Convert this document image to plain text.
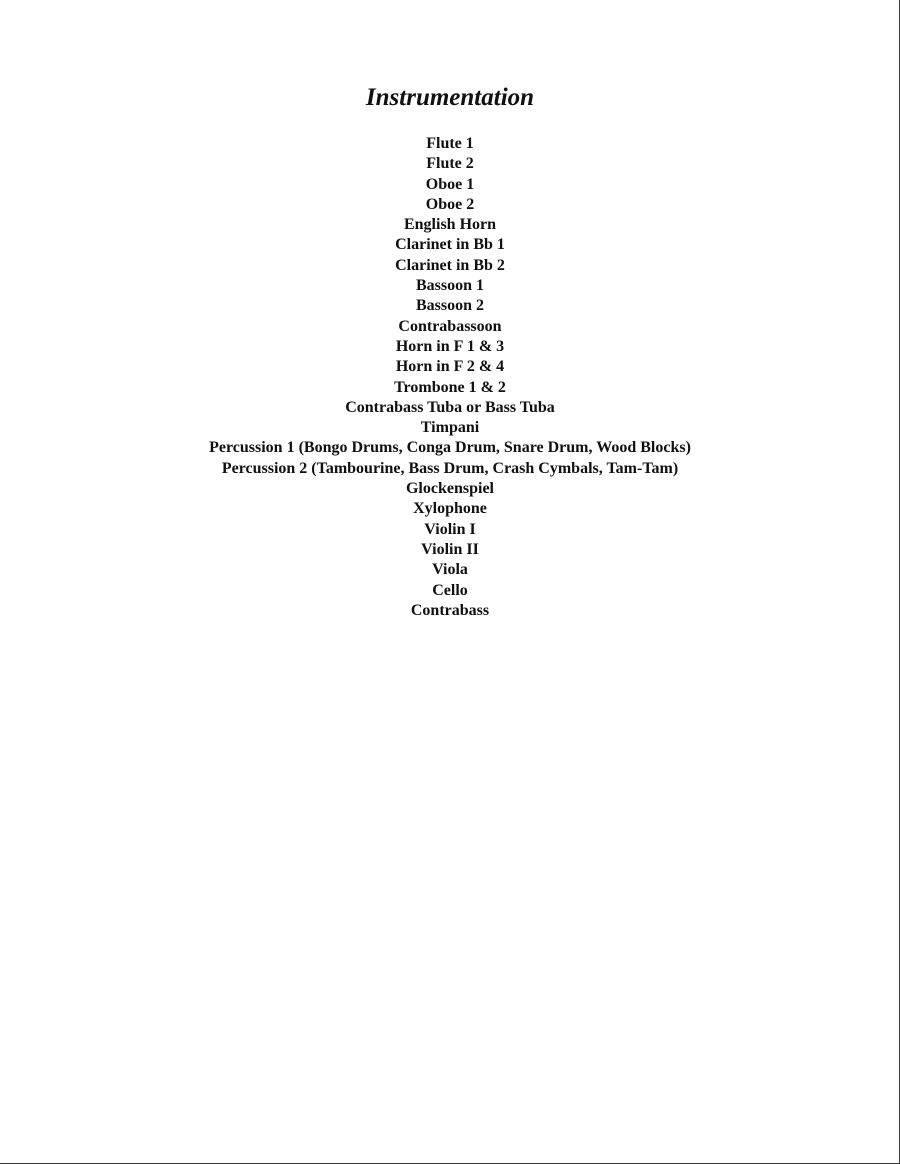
Instrumentation
Flute 1
Flute 2
Oboe 1
Oboe 2
English Horn
Clarinet in Bb 1
Clarinet in Bb 2
Bassoon 1
Bassoon 2
Contrabassoon
Horn in F 1 & 3
Horn in F 2 & 4
Trombone 1 & 2
Contrabass Tuba or Bass Tuba
Timpani
Percussion 1 (Bongo Drums, Conga Drum, Snare Drum, Wood Blocks)
Percussion 2 (Tambourine, Bass Drum, Crash Cymbals, Tam-Tam)
Glockenspiel
Xylophone
Violin I
Violin II
Viola
Cello
Contrabass
